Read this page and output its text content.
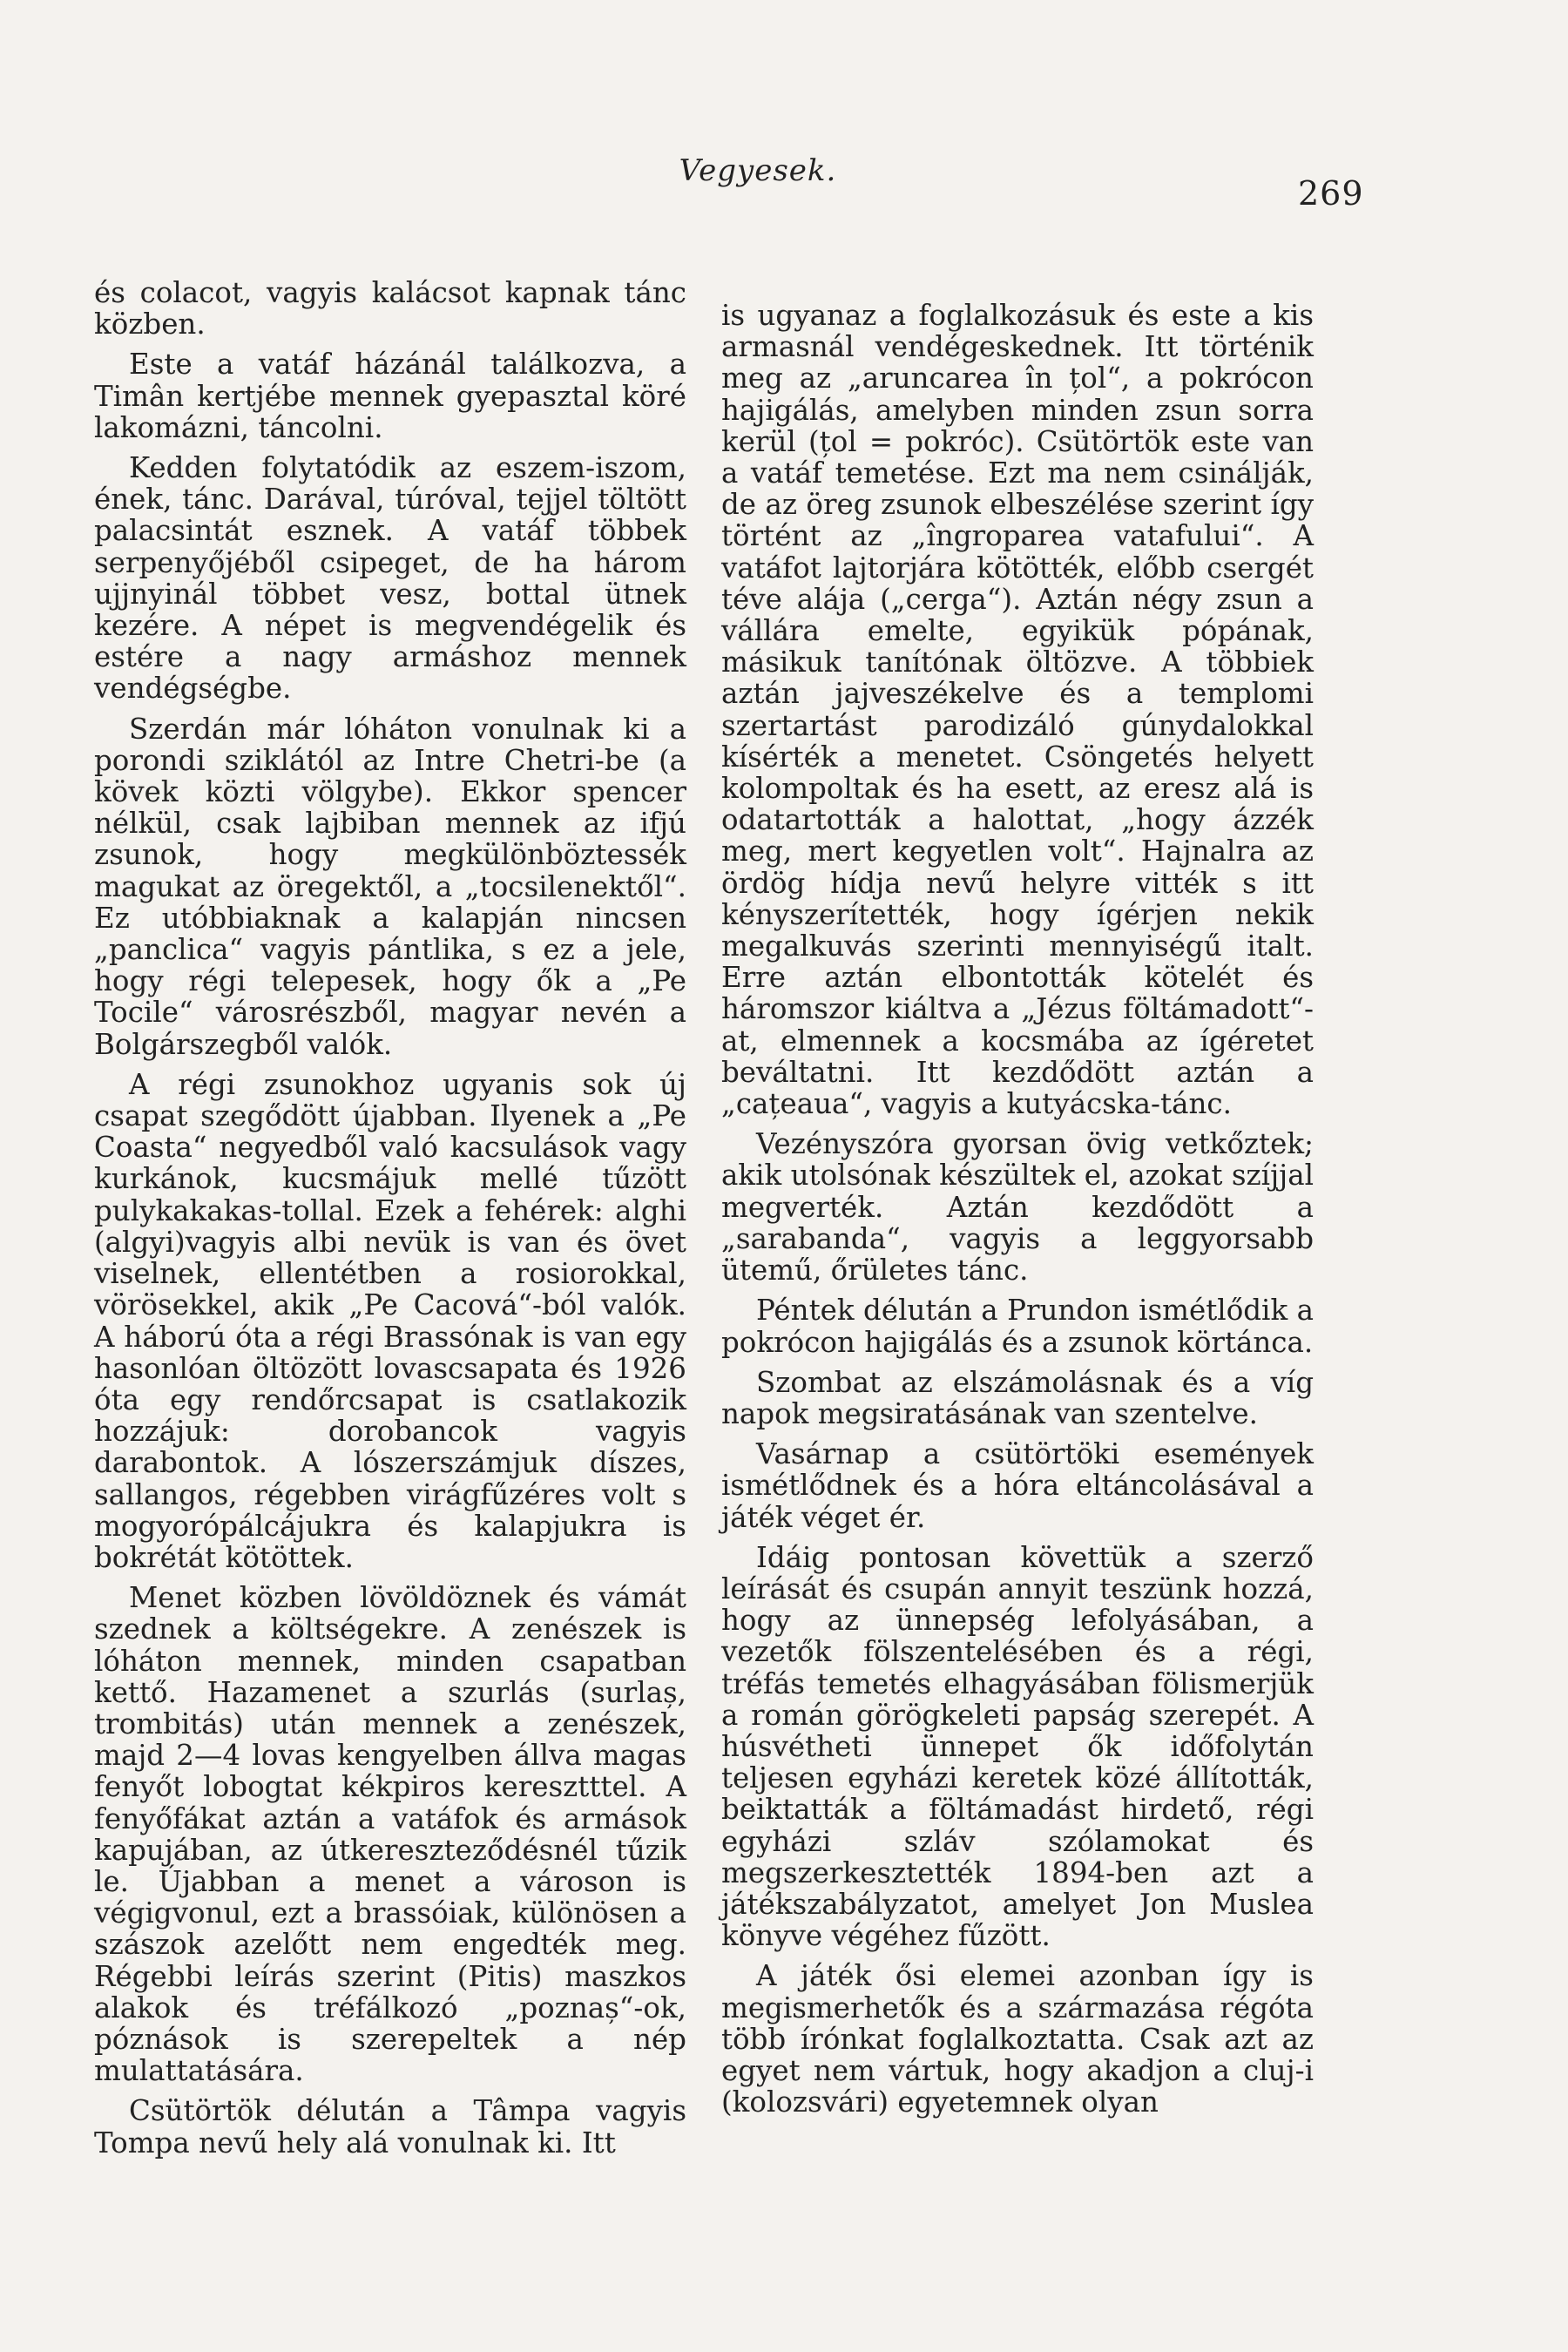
Vegyesek.
269

és colacot, vagyis kalácsot kapnak tánc közben.

Este a vatáf házánál találkozva, a Timân kertjébe mennek gyepasztal köré lakomázni, táncolni.

Kedden folytatódik az eszem-iszom, ének, tánc. Darával, túróval, tejjel töltött palacsintát esznek. A vatáf többek serpenyőjéből csipeget, de ha három ujjnyinál többet vesz, bottal ütnek kezére. A népet is megvendégelik és estére a nagy armáshoz mennek vendégségbe.

Szerdán már lóháton vonulnak ki a porondi sziklától az Intre Chetri-be (a kövek közti völgybe). Ekkor spencer nélkül, csak lajbiban mennek az ifjú zsunok, hogy megkülönböztessék magukat az öregektől, a „tocsilenektől“. Ez utóbbiaknak a kalapján nincsen „panclica“ vagyis pántlika, s ez a jele, hogy régi telepesek, hogy ők a „Pe Tocile“ városrészből, magyar nevén a Bolgárszegből valók.

A régi zsunokhoz ugyanis sok új csapat szegődött újabban. Ilyenek a „Pe Coasta“ negyedből való kacsulások vagy kurkánok, kucsmájuk mellé tűzött pulykakakas-tollal. Ezek a fehérek: alghi (algyi)vagyis albi nevük is van és övet viselnek, ellentétben a rosiorokkal, vörösekkel, akik „Pe Cacová“-ból valók. A háború óta a régi Brassónak is van egy hasonlóan öltözött lovascsapata és 1926 óta egy rendőrcsapat is csatlakozik hozzájuk: dorobancok vagyis darabontok. A lószerszámjuk díszes, sallangos, régebben virágfűzéres volt s mogyorópálcájukra és kalapjukra is bokrétát kötöttek.

Menet közben lövöldöznek és vámát szednek a költségekre. A zenészek is lóháton mennek, minden csapatban kettő. Hazamenet a szurlás (surlaș, trombitás) után mennek a zenészek, majd 2—4 lovas kengyelben állva magas fenyőt lobogtat kékpiros keresztttel. A fenyőfákat aztán a vatáfok és armások kapujában, az útkereszteződésnél tűzik le. Újabban a menet a városon is végigvonul, ezt a brassóiak, különösen a szászok azelőtt nem engedték meg. Régebbi leírás szerint (Pitis) maszkos alakok és tréfálkozó „poznaș“-ok, póznások is szerepeltek a nép mulattatására.

Csütörtök délután a Tâmpa vagyis Tompa nevű hely alá vonulnak ki. Itt

is ugyanaz a foglalkozásuk és este a kis armasnál vendégeskednek. Itt történik meg az „aruncarea în țol“, a pokrócon hajigálás, amelyben minden zsun sorra kerül (țol = pokróc). Csütörtök este van a vatáf temetése. Ezt ma nem csinálják, de az öreg zsunok elbeszélése szerint így történt az „îngroparea vatafului“. A vatáfot lajtorjára kötötték, előbb csergét téve alája („cerga“). Aztán négy zsun a vállára emelte, egyikük pópának, másikuk tanítónak öltözve. A többiek aztán jajveszékelve és a templomi szertartást parodizáló gúnydalokkal kísérték a menetet. Csöngetés helyett kolompoltak és ha esett, az eresz alá is odatartották a halottat, „hogy ázzék meg, mert kegyetlen volt“. Hajnalra az ördög hídja nevű helyre vitték s itt kényszerítették, hogy ígérjen nekik megalkuvás szerinti mennyiségű italt. Erre aztán elbontották kötelét és háromszor kiáltva a „Jézus föltámadott“-at, elmennek a kocsmába az ígéretet beváltatni. Itt kezdődött aztán a „cațeaua“, vagyis a kutyácska-tánc.

Vezényszóra gyorsan övig vetkőztek; akik utolsónak készültek el, azokat szíjjal megverték. Aztán kezdődött a „sarabanda“, vagyis a leggyorsabb ütemű, őrületes tánc.

Péntek délután a Prundon ismétlődik a pokrócon hajigálás és a zsunok körtánca.

Szombat az elszámolásnak és a víg napok megsiratásának van szentelve.

Vasárnap a csütörtöki események ismétlődnek és a hóra eltáncolásával a játék véget ér.

Idáig pontosan követtük a szerző leírását és csupán annyit teszünk hozzá, hogy az ünnepség lefolyásában, a vezetők fölszentelésében és a régi, tréfás temetés elhagyásában fölismerjük a román görögkeleti papság szerepét. A húsvétheti ünnepet ők időfolytán teljesen egyházi keretek közé állították, beiktatták a föltámadást hirdető, régi egyházi szláv szólamokat és megszerkesztették 1894-ben azt a játékszabályzatot, amelyet Jon Muslea könyve végéhez fűzött.

A játék ősi elemei azonban így is megismerhetők és a származása régóta több írónkat foglalkoztatta. Csak azt az egyet nem vártuk, hogy akadjon a cluj-i (kolozsvári) egyetemnek olyan
